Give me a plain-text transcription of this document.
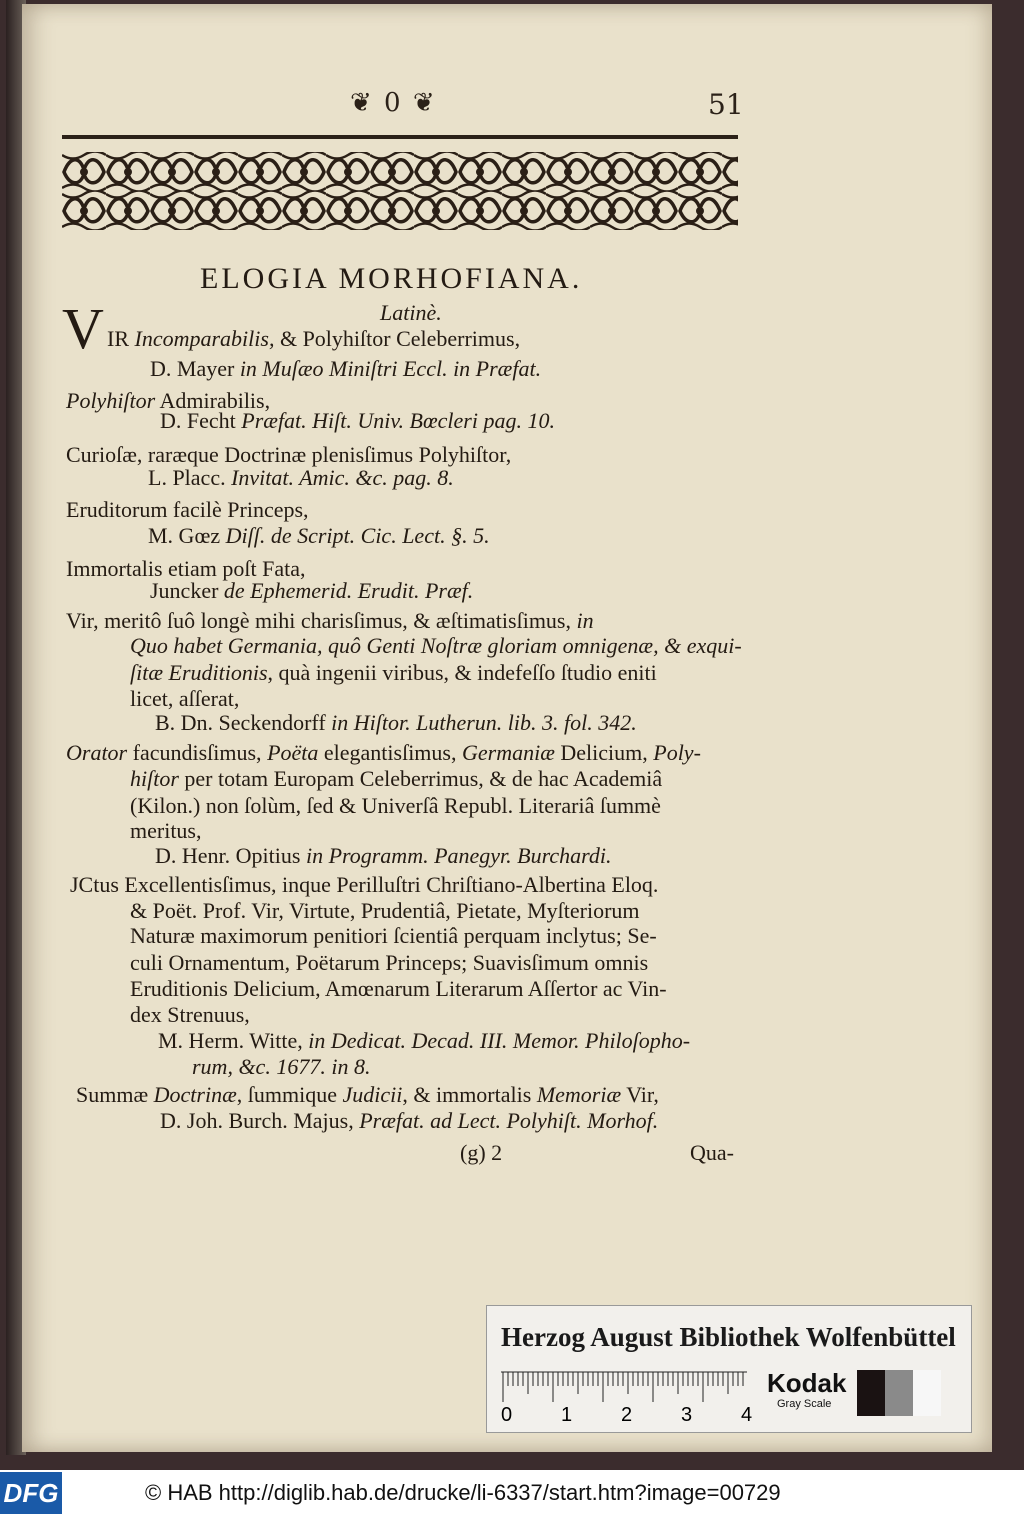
❦ 0 ❦	51
ELOGIA MORHOFIANA.
Latinè.
V IR Incomparabilis, & Polyhiſtor Celeberrimus,
D. Mayer in Muſæo Miniſtri Eccl. in Præfat.
Polyhiſtor Admirabilis,
D. Fecht Præfat. Hiſt. Univ. Bœcleri pag. 10.
Curioſæ, raræque Doctrinæ plenisſimus Polyhiſtor,
L. Placc. Invitat. Amic. &c. pag. 8.
Eruditorum facilè Princeps,
M. Gœz Diſſ. de Script. Cic. Lect. §. 5.
Immortalis etiam poſt Fata,
Juncker de Ephemerid. Erudit. Præf.
Vir, meritô ſuô longè mihi charisſimus, & æſtimatisſimus, in
Quo habet Germania, quô Genti Noſtræ gloriam omnigenæ, & exqui-
ſitæ Eruditionis, quà ingenii viribus, & indefeſſo ſtudio eniti
licet, aſſerat,
B. Dn. Seckendorff in Hiſtor. Lutherun. lib. 3. fol. 342.
Orator facundisſimus, Poëta elegantisſimus, Germaniæ Delicium, Poly-
hiſtor per totam Europam Celeberrimus, & de hac Academiâ
(Kilon.) non ſolùm, ſed & Univerſâ Republ. Literariâ ſummè
meritus,
D. Henr. Opitius in Programm. Panegyr. Burchardi.
JCtus Excellentisſimus, inque Perilluſtri Chriſtiano-Albertina Eloq.
& Poët. Prof. Vir, Virtute, Prudentiâ, Pietate, Myſteriorum
Naturæ maximorum penitiori ſcientiâ perquam inclytus; Se-
culi Ornamentum, Poëtarum Princeps; Suavisſimum omnis
Eruditionis Delicium, Amœnarum Literarum Aſſertor ac Vin-
dex Strenuus,
M. Herm. Witte, in Dedicat. Decad. III. Memor. Philoſopho-
rum, &c. 1677. in 8.
Summæ Doctrinæ, ſummique Judicii, & immortalis Memoriæ Vir,
D. Joh. Burch. Majus, Præfat. ad Lect. Polyhiſt. Morhof.
(g) 2	Qua-
Herzog August Bibliothek Wolfenbüttel
0 1 2 3 4
Kodak
Gray Scale
DFG	© HAB http://diglib.hab.de/drucke/li-6337/start.htm?image=00729
